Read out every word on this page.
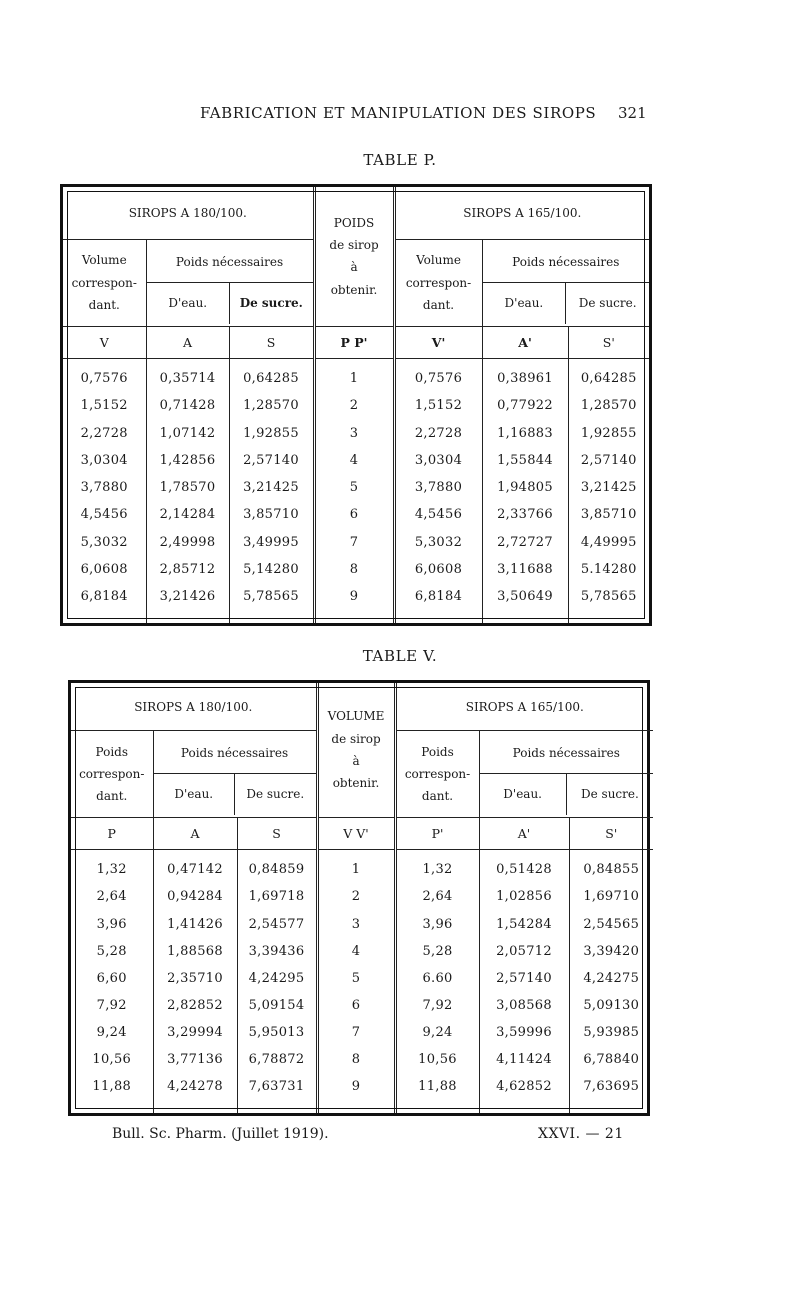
FABRICATION ET MANIPULATION DES SIROPS 321
TABLE P.
SIROPS A 180/100.	
POIDS
de sirop
à
obtenir.
	SIROPS A 165/100.

Volume
correspon-
dant.

Poids nécessaires
D'eau.	De sucre.

Volume
correspon-
dant.

Poids nécessaires
D'eau.	De sucre.

V	A	S	P P'	V'	A'	S'
0,7576	0,35714	0,64285	1	0,7576	0,38961	0,64285
1,5152	0,71428	1,28570	2	1,5152	0,77922	1,28570
2,2728	1,07142	1,92855	3	2,2728	1,16883	1,92855
3,0304	1,42856	2,57140	4	3,0304	1,55844	2,57140
3,7880	1,78570	3,21425	5	3,7880	1,94805	3,21425
4,5456	2,14284	3,85710	6	4,5456	2,33766	3,85710
5,3032	2,49998	3,49995	7	5,3032	2,72727	4,49995
6,0608	2,85712	5,14280	8	6,0608	3,11688	5.14280
6,8184	3,21426	5,78565	9	6,8184	3,50649	5,78565

TABLE V.
SIROPS A 180/100.	
VOLUME
de sirop
à
obtenir.
	SIROPS A 165/100.

Poids
correspon-
dant.

Poids nécessaires
D'eau.	De sucre.

Poids
correspon-
dant.

Poids nécessaires
D'eau.	De sucre.

P	A	S	V V'	P'	A'	S'
1,32	0,47142	0,84859	1	1,32	0,51428	0,84855
2,64	0,94284	1,69718	2	2,64	1,02856	1,69710
3,96	1,41426	2,54577	3	3,96	1,54284	2,54565
5,28	1,88568	3,39436	4	5,28	2,05712	3,39420
6,60	2,35710	4,24295	5	6.60	2,57140	4,24275
7,92	2,82852	5,09154	6	7,92	3,08568	5,09130
9,24	3,29994	5,95013	7	9,24	3,59996	5,93985
10,56	3,77136	6,78872	8	10,56	4,11424	6,78840
11,88	4,24278	7,63731	9	11,88	4,62852	7,63695

Bull. Sc. Pharm. (Juillet 1919).	XXVI. — 21
